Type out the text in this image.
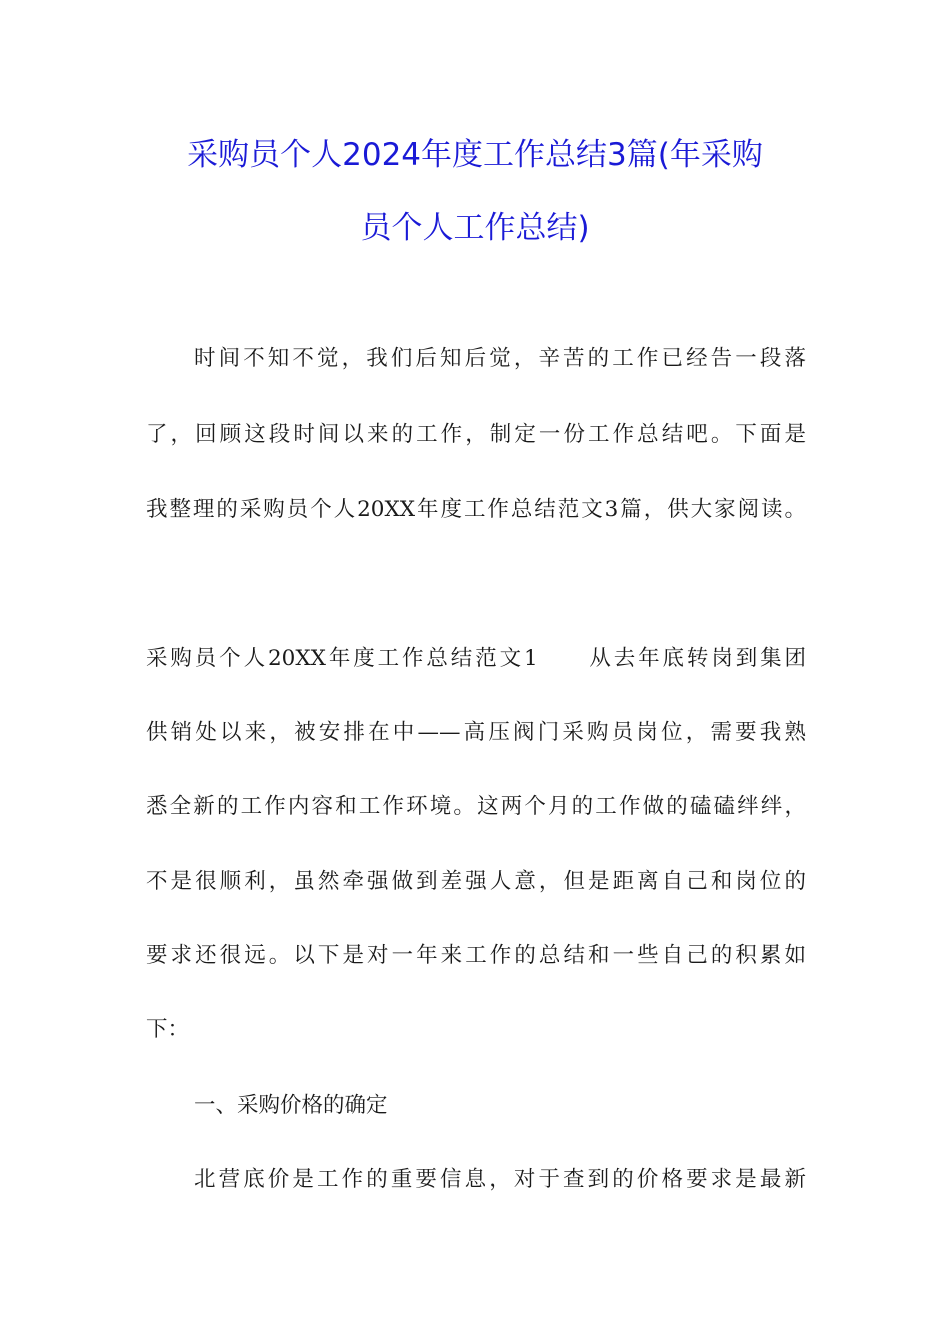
采购员个人2024年度工作总结3篇(年采购
员个人工作总结)
时间不知不觉，我们后知后觉，辛苦的工作已经告一段落
了，回顾这段时间以来的工作，制定一份工作总结吧。下面是
我整理的采购员个人20XX年度工作总结范文3篇，供大家阅读。
采购员个人20XX年度工作总结范文1　　从去年底转岗到集团
供销处以来，被安排在中——高压阀门采购员岗位，需要我熟
悉全新的工作内容和工作环境。这两个月的工作做的磕磕绊绊，
不是很顺利，虽然牵强做到差强人意，但是距离自己和岗位的
要求还很远。以下是对一年来工作的总结和一些自己的积累如
下：
一、采购价格的确定
北营底价是工作的重要信息，对于查到的价格要求是最新
